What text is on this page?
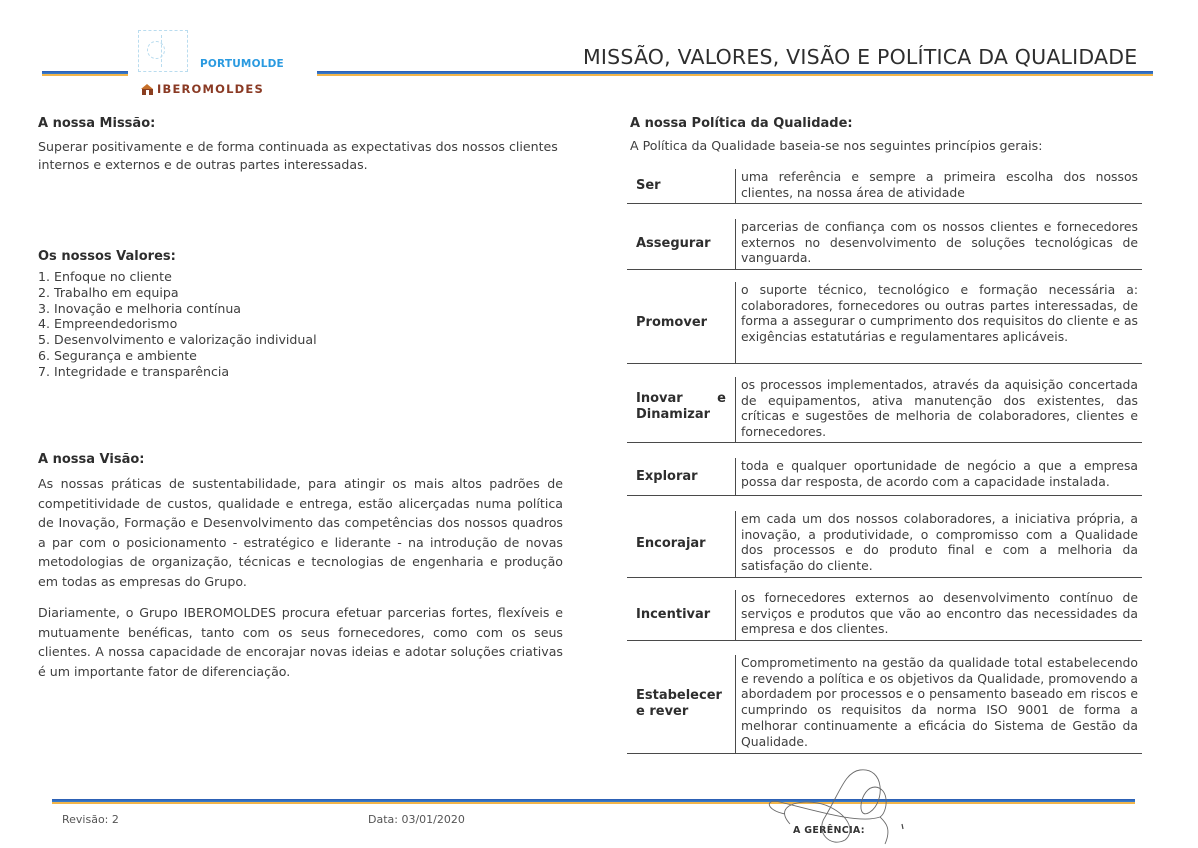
PORTUMOLDE
IBEROMOLDES
MISSÃO, VALORES, VISÃO E POLÍTICA DA QUALIDADE
A nossa Missão:
Superar positivamente e de forma continuada as expectativas dos nossos clientes internos e externos e de outras partes interessadas.
Os nossos Valores:
1. Enfoque no cliente
2. Trabalho em equipa
3. Inovação e melhoria contínua
4. Empreendedorismo
5. Desenvolvimento e valorização individual
6. Segurança e ambiente
7. Integridade e transparência
A nossa Visão:
As nossas práticas de sustentabilidade, para atingir os mais altos padrões de competitividade de custos, qualidade e entrega, estão alicerçadas numa política de Inovação, Formação e Desenvolvimento das competências dos nossos quadros a par com o posicionamento - estratégico e liderante - na introdução de novas metodologias de organização, técnicas e tecnologias de engenharia e produção em todas as empresas do Grupo.
Diariamente, o Grupo IBEROMOLDES procura efetuar parcerias fortes, flexíveis e mutuamente benéficas, tanto com os seus fornecedores, como com os seus clientes. A nossa capacidade de encorajar novas ideias e adotar soluções criativas é um importante fator de diferenciação.
A nossa Política da Qualidade:
A Política da Qualidade baseia-se nos seguintes princípios gerais:
Ser
uma referência e sempre a primeira escolha dos nossos clientes, na nossa área de atividade
Assegurar
parcerias de confiança com os nossos clientes e fornecedores externos no desenvolvimento de soluções tecnológicas de vanguarda.
Promover
o suporte técnico, tecnológico e formação necessária a: colaboradores, fornecedores ou outras partes interessadas, de forma a assegurar o cumprimento dos requisitos do cliente e as exigências estatutárias e regulamentares aplicáveis.
Inovar	e
Dinamizar
os processos implementados, através da aquisição concertada de equipamentos, ativa manutenção dos existentes, das críticas e sugestões de melhoria de colaboradores, clientes e fornecedores.
Explorar
toda e qualquer oportunidade de negócio a que a empresa possa dar resposta, de acordo com a capacidade instalada.
Encorajar
em cada um dos nossos colaboradores, a iniciativa própria, a inovação, a produtividade, o compromisso com a Qualidade dos processos e do produto final e com a melhoria da satisfação do cliente.
Incentivar
os fornecedores externos ao desenvolvimento contínuo de serviços e produtos que vão ao encontro das necessidades da empresa e dos clientes.
Estabelecer e rever
Comprometimento na gestão da qualidade total estabelecendo e revendo a política e os objetivos da Qualidade, promovendo a abordadem por processos e o pensamento baseado em riscos e cumprindo os requisitos da norma ISO 9001 de forma a melhorar continuamente a eficácia do Sistema de Gestão da Qualidade.
Revisão: 2	Data: 03/01/2020
A GERÊNCIA:
